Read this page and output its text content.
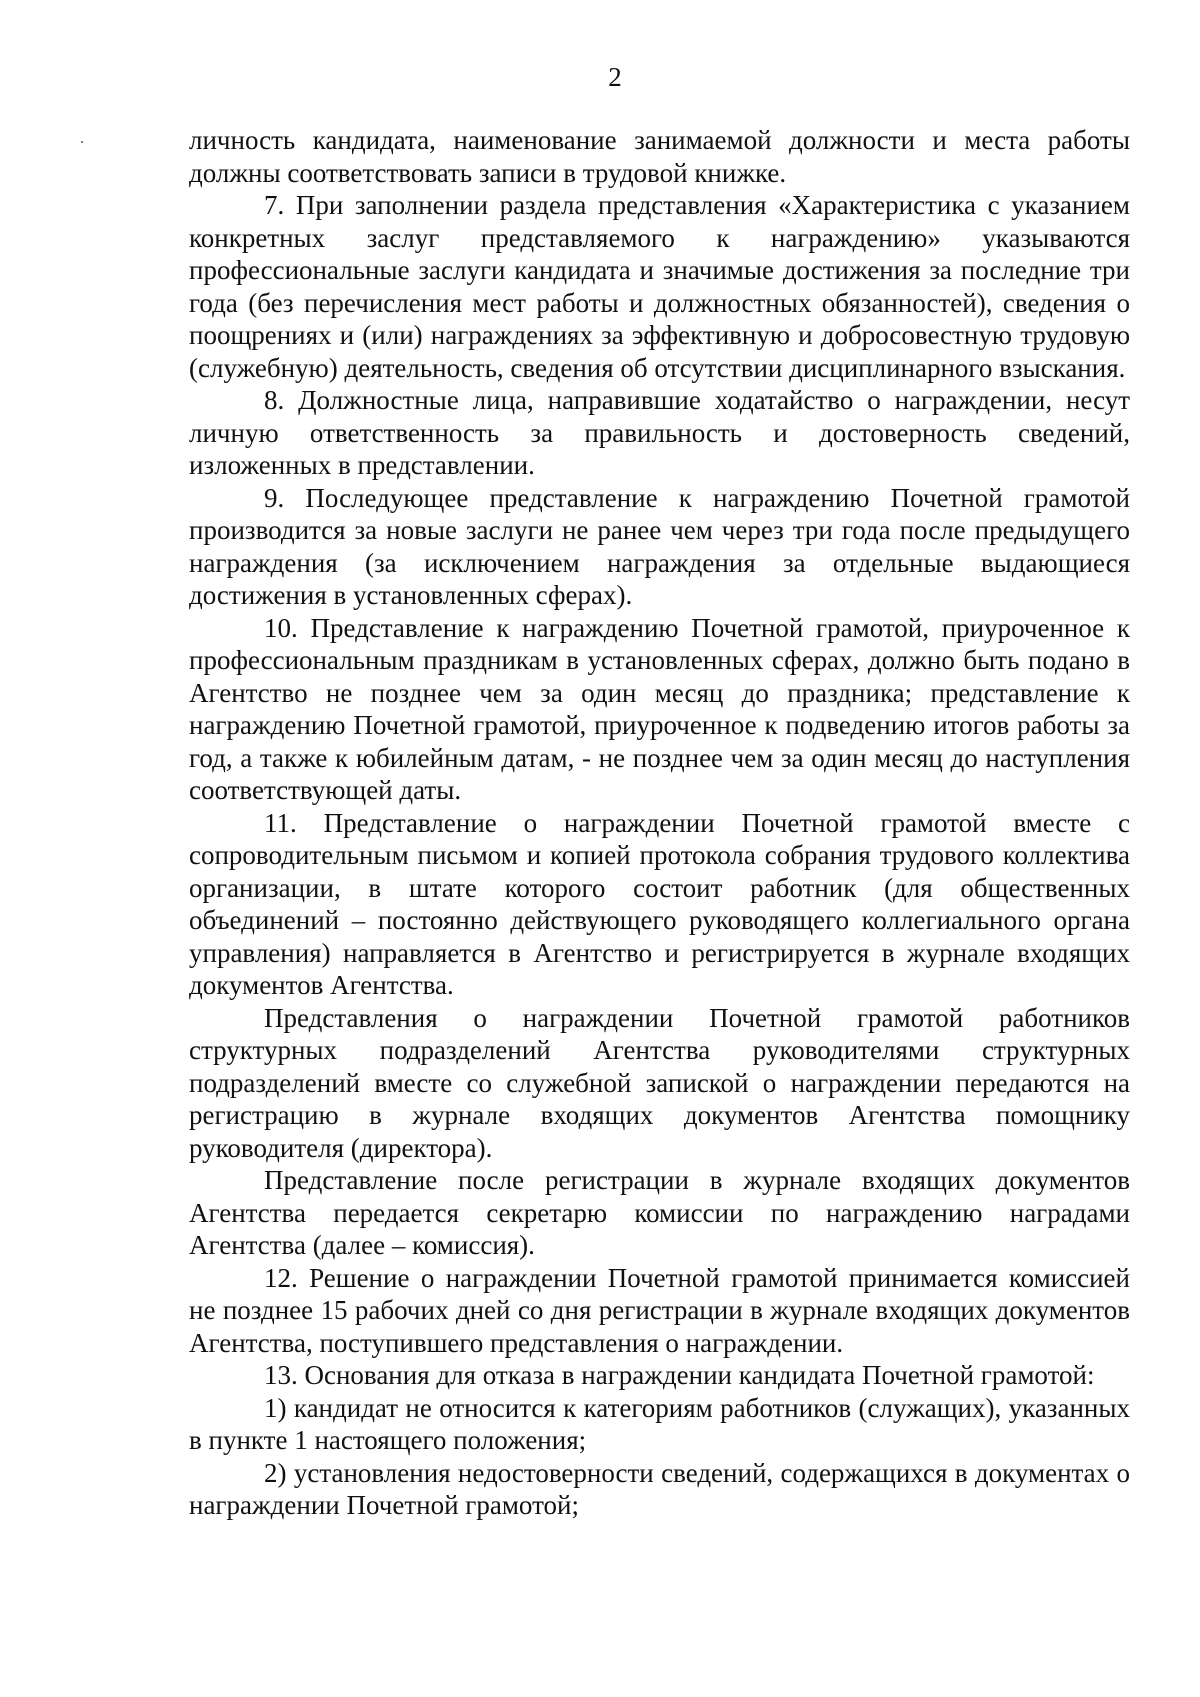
2

личность кандидата, наименование занимаемой должности и места работы должны соответствовать записи в трудовой книжке.

7. При заполнении раздела представления «Характеристика с указанием конкретных заслуг представляемого к награждению» указываются профессиональные заслуги кандидата и значимые достижения за последние три года (без перечисления мест работы и должностных обязанностей), сведения о поощрениях и (или) награждениях за эффективную и добросовестную трудовую (служебную) деятельность, сведения об отсутствии дисциплинарного взыскания.

8. Должностные лица, направившие ходатайство о награждении, несут личную ответственность за правильность и достоверность сведений, изложенных в представлении.

9. Последующее представление к награждению Почетной грамотой производится за новые заслуги не ранее чем через три года после предыдущего награждения (за исключением награждения за отдельные выдающиеся достижения в установленных сферах).

10. Представление к награждению Почетной грамотой, приуроченное к профессиональным праздникам в установленных сферах, должно быть подано в Агентство не позднее чем за один месяц до праздника; представление к награждению Почетной грамотой, приуроченное к подведению итогов работы за год, а также к юбилейным датам, - не позднее чем за один месяц до наступления соответствующей даты.

11. Представление о награждении Почетной грамотой вместе с сопроводительным письмом и копией протокола собрания трудового коллектива организации, в штате которого состоит работник (для общественных объединений – постоянно действующего руководящего коллегиального органа управления) направляется в Агентство и регистрируется в журнале входящих документов Агентства.

Представления о награждении Почетной грамотой работников структурных подразделений Агентства руководителями структурных подразделений вместе со служебной запиской о награждении передаются на регистрацию в журнале входящих документов Агентства помощнику руководителя (директора).

Представление после регистрации в журнале входящих документов Агентства передается секретарю комиссии по награждению наградами Агентства (далее – комиссия).

12. Решение о награждении Почетной грамотой принимается комиссией не позднее 15 рабочих дней со дня регистрации в журнале входящих документов Агентства, поступившего представления о награждении.

13. Основания для отказа в награждении кандидата Почетной грамотой:

1) кандидат не относится к категориям работников (служащих), указанных в пункте 1 настоящего положения;

2) установления недостоверности сведений, содержащихся в документах о награждении Почетной грамотой;
